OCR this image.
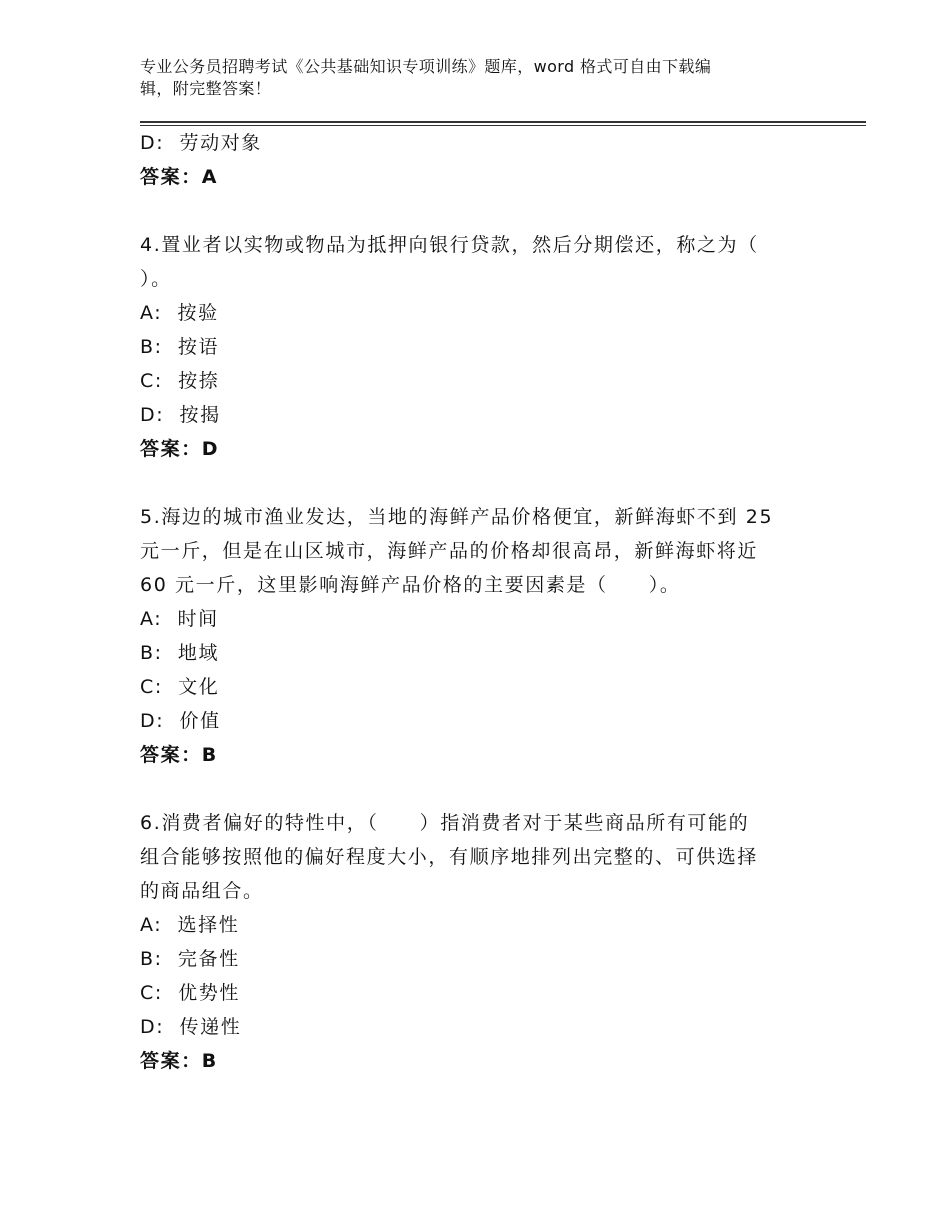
专业公务员招聘考试《公共基础知识专项训练》题库，word 格式可自由下载编
辑，附完整答案！
D:  劳动对象
答案：A
4.置业者以实物或物品为抵押向银行贷款，然后分期偿还，称之为（
）。
A:  按验
B:  按语
C:  按捺
D:  按揭
答案：D
5.海边的城市渔业发达，当地的海鲜产品价格便宜，新鲜海虾不到 25
元一斤，但是在山区城市，海鲜产品的价格却很高昂，新鲜海虾将近
60 元一斤，这里影响海鲜产品价格的主要因素是（　　）。
A:  时间
B:  地域
C:  文化
D:  价值
答案：B
6.消费者偏好的特性中，（　　）指消费者对于某些商品所有可能的
组合能够按照他的偏好程度大小，有顺序地排列出完整的、可供选择
的商品组合。
A:  选择性
B:  完备性
C:  优势性
D:  传递性
答案：B
